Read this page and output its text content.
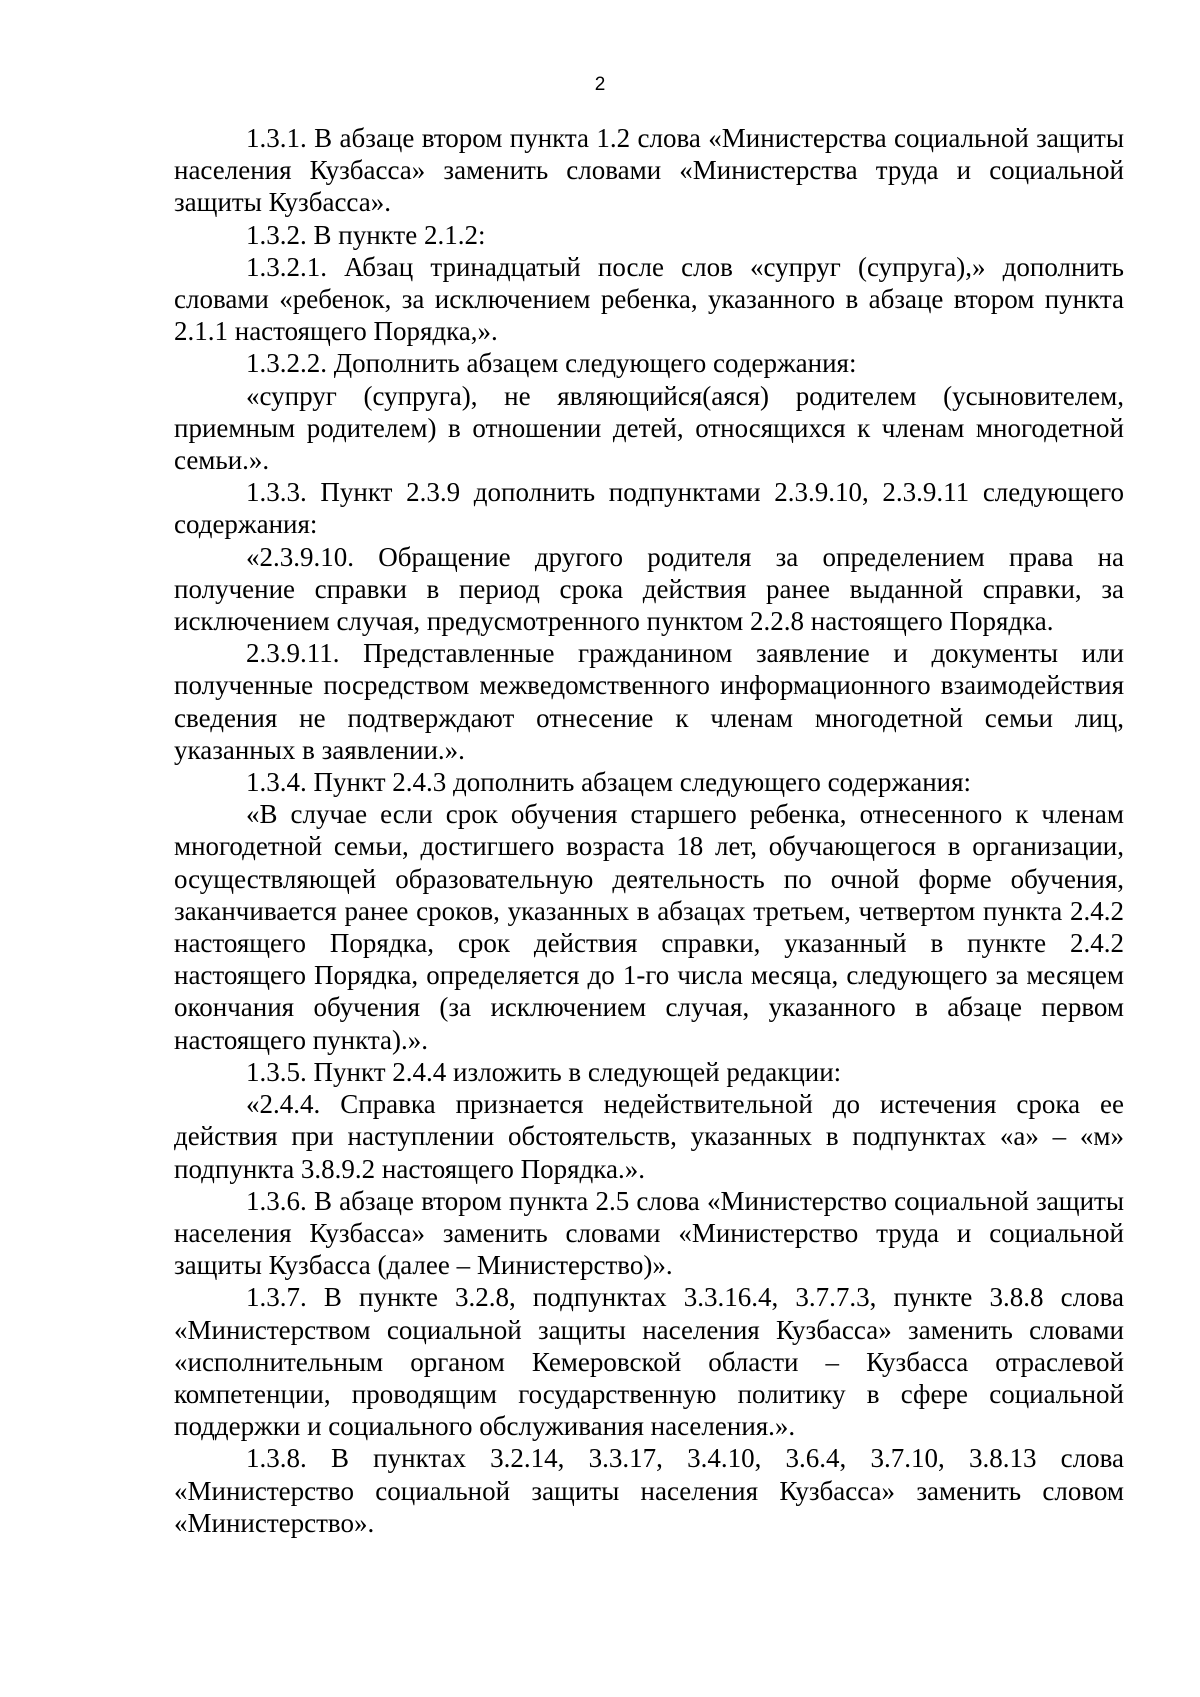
2

1.3.1. В абзаце втором пункта 1.2 слова «Министерства социальной защиты населения Кузбасса» заменить словами «Министерства труда и социальной защиты Кузбасса».

1.3.2. В пункте 2.1.2:

1.3.2.1. Абзац тринадцатый после слов «супруг (супруга),» дополнить словами «ребенок, за исключением ребенка, указанного в абзаце втором пункта 2.1.1 настоящего Порядка,».

1.3.2.2. Дополнить абзацем следующего содержания:

«супруг (супруга), не являющийся(аяся) родителем (усыновителем, приемным родителем) в отношении детей, относящихся к членам многодетной семьи.».

1.3.3. Пункт 2.3.9 дополнить подпунктами 2.3.9.10, 2.3.9.11 следующего содержания:

«2.3.9.10. Обращение другого родителя за определением права на получение справки в период срока действия ранее выданной справки, за исключением случая, предусмотренного пунктом 2.2.8 настоящего Порядка.

2.3.9.11. Представленные гражданином заявление и документы или полученные посредством межведомственного информационного взаимодействия сведения не подтверждают отнесение к членам многодетной семьи лиц, указанных в заявлении.».

1.3.4. Пункт 2.4.3 дополнить абзацем следующего содержания:

«В случае если срок обучения старшего ребенка, отнесенного к членам многодетной семьи, достигшего возраста 18 лет, обучающегося в организации, осуществляющей образовательную деятельность по очной форме обучения, заканчивается ранее сроков, указанных в абзацах третьем, четвертом пункта 2.4.2 настоящего Порядка, срок действия справки, указанный в пункте 2.4.2 настоящего Порядка, определяется до 1-го числа месяца, следующего за месяцем окончания обучения (за исключением случая, указанного в абзаце первом настоящего пункта).».

1.3.5. Пункт 2.4.4 изложить в следующей редакции:

«2.4.4. Справка признается недействительной до истечения срока ее действия при наступлении обстоятельств, указанных в подпунктах «а» – «м» подпункта 3.8.9.2 настоящего Порядка.».

1.3.6. В абзаце втором пункта 2.5 слова «Министерство социальной защиты населения Кузбасса» заменить словами «Министерство труда и социальной защиты Кузбасса (далее – Министерство)».

1.3.7. В пункте 3.2.8, подпунктах 3.3.16.4, 3.7.7.3, пункте 3.8.8 слова «Министерством социальной защиты населения Кузбасса» заменить словами «исполнительным органом Кемеровской области – Кузбасса отраслевой компетенции, проводящим государственную политику в сфере социальной поддержки и социального обслуживания населения.».

1.3.8. В пунктах 3.2.14, 3.3.17, 3.4.10, 3.6.4, 3.7.10, 3.8.13 слова «Министерство социальной защиты населения Кузбасса» заменить словом «Министерство».
